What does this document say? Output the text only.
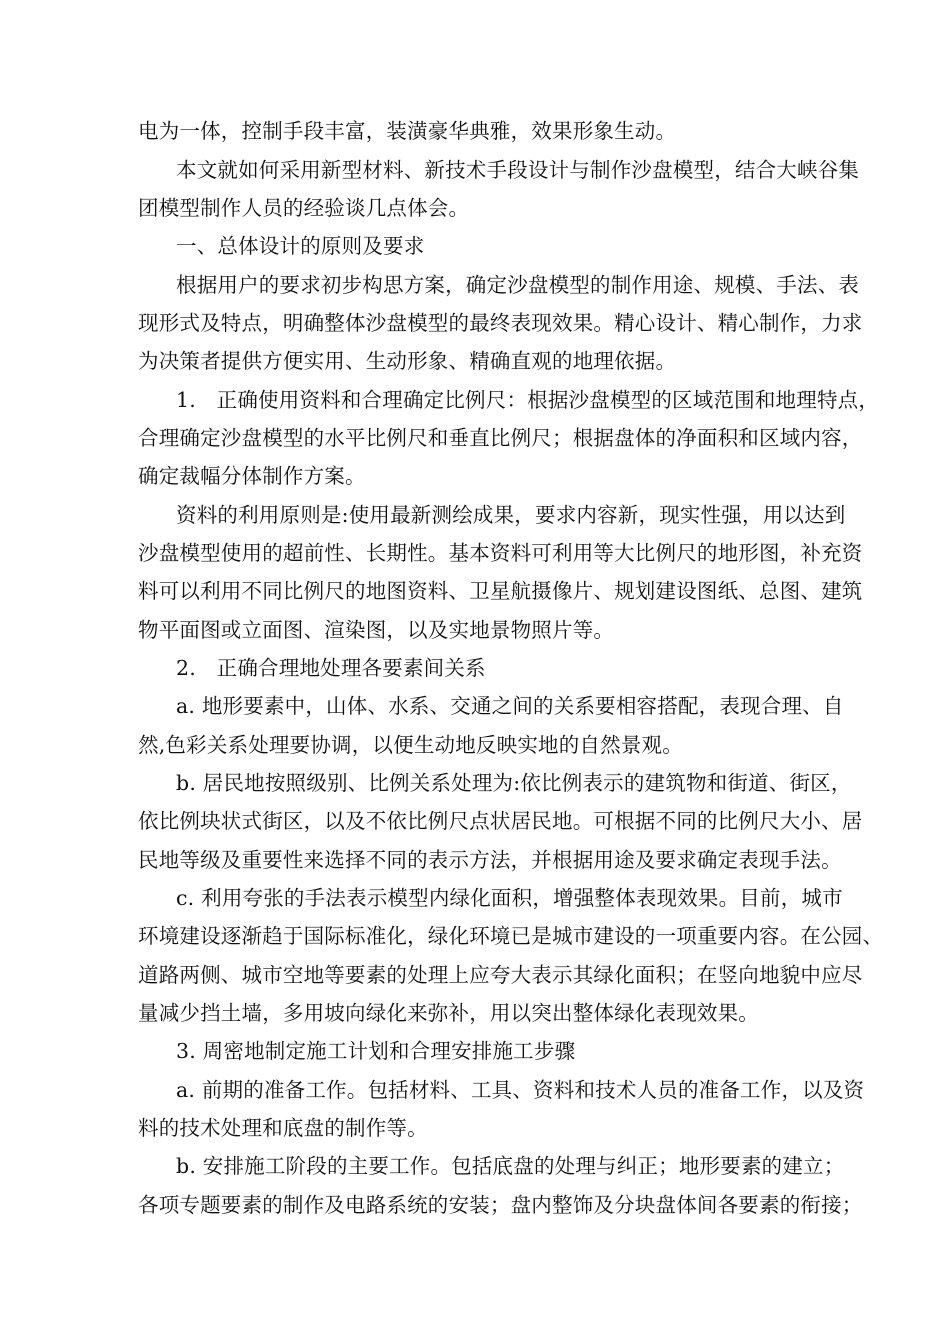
电为一体，控制手段丰富，装潢豪华典雅，效果形象生动。
本文就如何采用新型材料、新技术手段设计与制作沙盘模型，结合大峡谷集
团模型制作人员的经验谈几点体会。
一、总体设计的原则及要求
根据用户的要求初步构思方案，确定沙盘模型的制作用途、规模、手法、表
现形式及特点，明确整体沙盘模型的最终表现效果。精心设计、精心制作，力求
为决策者提供方便实用、生动形象、精确直观的地理依据。
1.　正确使用资料和合理确定比例尺：根据沙盘模型的区域范围和地理特点，
合理确定沙盘模型的水平比例尺和垂直比例尺；根据盘体的净面积和区域内容，
确定裁幅分体制作方案。
资料的利用原则是:使用最新测绘成果，要求内容新，现实性强，用以达到
沙盘模型使用的超前性、长期性。基本资料可利用等大比例尺的地形图，补充资
料可以利用不同比例尺的地图资料、卫星航摄像片、规划建设图纸、总图、建筑
物平面图或立面图、渲染图，以及实地景物照片等。
2.　正确合理地处理各要素间关系
a. 地形要素中，山体、水系、交通之间的关系要相容搭配，表现合理、自
然,色彩关系处理要协调，以便生动地反映实地的自然景观。
b. 居民地按照级别、比例关系处理为:依比例表示的建筑物和街道、街区，
依比例块状式街区，以及不依比例尺点状居民地。可根据不同的比例尺大小、居
民地等级及重要性来选择不同的表示方法，并根据用途及要求确定表现手法。
c. 利用夸张的手法表示模型内绿化面积，增强整体表现效果。目前，城市
环境建设逐渐趋于国际标准化，绿化环境已是城市建设的一项重要内容。在公园、
道路两侧、城市空地等要素的处理上应夸大表示其绿化面积；在竖向地貌中应尽
量减少挡土墙，多用坡向绿化来弥补，用以突出整体绿化表现效果。
3. 周密地制定施工计划和合理安排施工步骤
a. 前期的准备工作。包括材料、工具、资料和技术人员的准备工作，以及资
料的技术处理和底盘的制作等。
b. 安排施工阶段的主要工作。包括底盘的处理与纠正；地形要素的建立；
各项专题要素的制作及电路系统的安装；盘内整饰及分块盘体间各要素的衔接；
